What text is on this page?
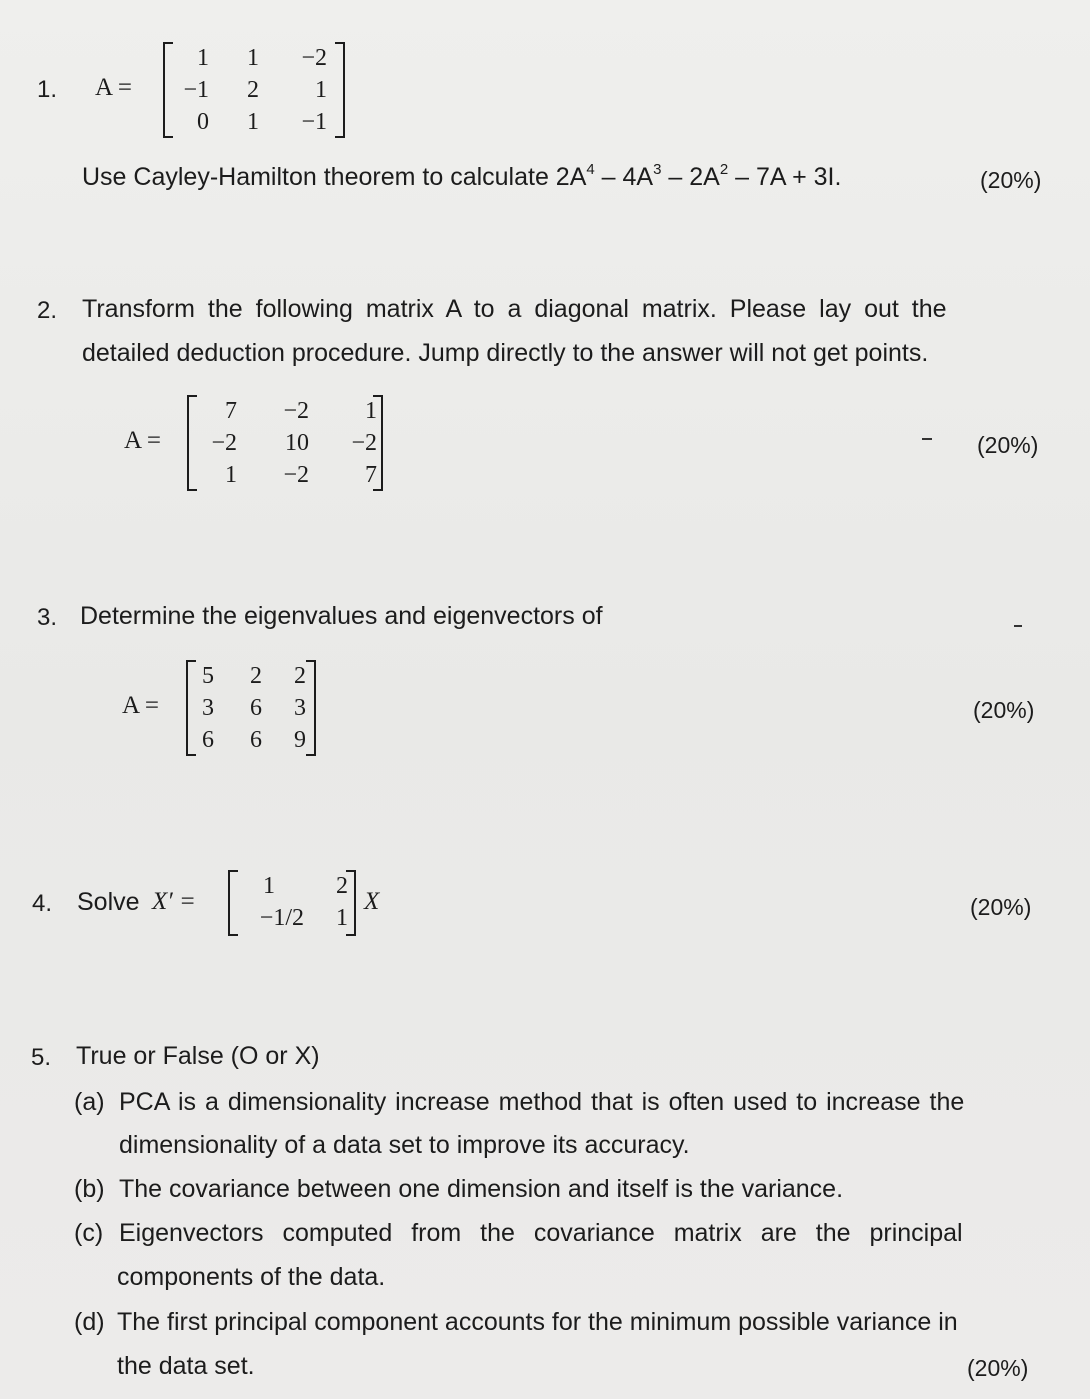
1. A =
1	1	−2
−1	2	1
0	1	−1
Use Cayley-Hamilton theorem to calculate $2A^4 - 4A^3 - 2A^2 - 7A + 3I$.	(20%)
2. Transform the following matrix A to a diagonal matrix. Please lay out the
detailed deduction procedure. Jump directly to the answer will not get points.
A =
7	−2	1
−2	10	−2
1	−2	7
(20%)
3. Determine the eigenvalues and eigenvectors of
A =
5	2	2
3	6	3
6	6	9
(20%)
4. Solve X′ =
1	2
−1/2	1
X	(20%)
5. True or False (O or X)
(a) PCA is a dimensionality increase method that is often used to increase the
dimensionality of a data set to improve its accuracy.
(b) The covariance between one dimension and itself is the variance.
(c) Eigenvectors computed from the covariance matrix are the principal
components of the data.
(d) The first principal component accounts for the minimum possible variance in
the data set.	(20%)
